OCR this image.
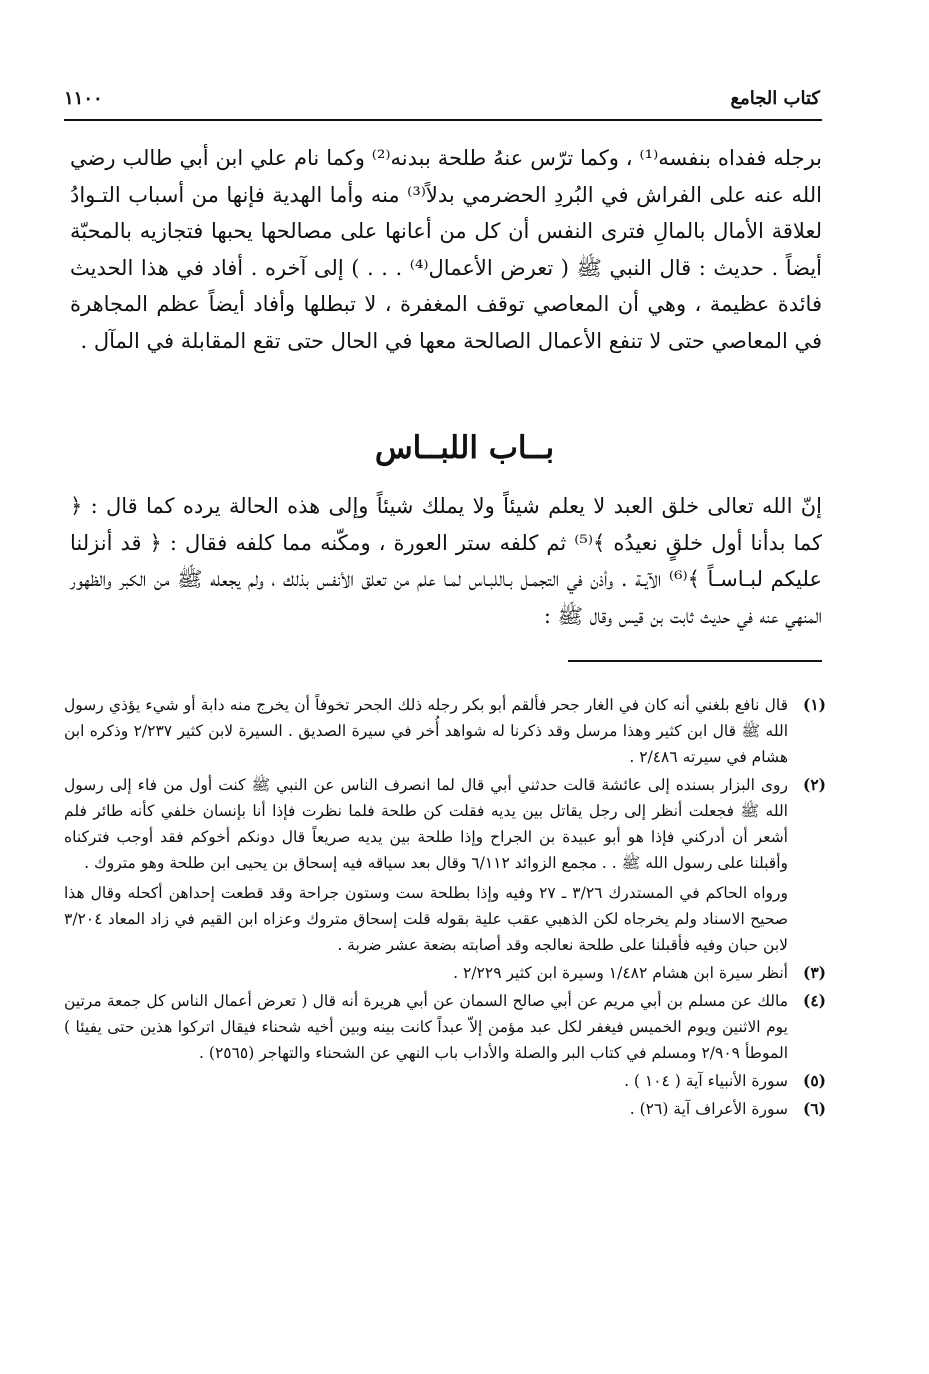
كتاب الجامع
١١٠٠

برجله ففداه بنفسه⁽¹⁾ ، وكما ترّس عنهُ طلحة ببدنه⁽²⁾ وكما نام علي ابن أبي طالب رضي الله عنه على الفراش في البُردِ الحضرمي بدلاً⁽³⁾ منه وأما الهدية فإنها من أسباب التـوادُ لعلاقة الأمال بالمالِ فترى النفس أن كل من أعانها على مصالحها يحبها فتجازيه بالمحبّة أيضاً . حديث : قال النبي ﷺ ( تعرض الأعمال⁽⁴⁾ . . . ) إلى آخره . أفاد في هذا الحديث فائدة عظيمة ، وهي أن المعاصي توقف المغفرة ، لا تبطلها وأفاد أيضاً عظم المجاهرة في المعاصي حتى لا تنفع الأعمال الصالحة معها في الحال حتى تقع المقابلة في المآل .

بــاب اللبــاس

إنّ الله تعالى خلق العبد لا يعلم شيئاً ولا يملك شيئاً وإلى هذه الحالة يرده كما قال : ﴿ كما بدأنا أول خلقٍ نعيدُه ﴾⁽⁵⁾ ثم كلفه ستر العورة ، ومكّنه مما كلفه فقال : ﴿ قد أنزلنا عليكم لبـاسـاً ﴾⁽⁶⁾ الآيـة . وأذن في التجمـل بـاللبـاس لمـا علم من تعلق الأنفس بذلك ، ولم يجعله ﷺ من الكبر والظهور المنهي عنه في حديث ثابت بن قيس وقال ﷺ :

(١)
قال نافع بلغني أنه كان في الغار جحر فألقم أبو بكر رجله ذلك الجحر تخوفاً أن يخرج منه دابة أو شيء يؤذي رسول الله ﷺ قال ابن كثير وهذا مرسل وقد ذكرنا له شواهد أُخر في سيرة الصديق . السيرة لابن كثير ٢/٢٣٧ وذكره ابن هشام في سيرته ٢/٤٨٦ .
(٢)
روى البزار بسنده إلى عائشة قالت حدثني أبي قال لما انصرف الناس عن النبي ﷺ كنت أول من فاء إلى رسول الله ﷺ فجعلت أنظر إلى رجل يقاتل بين يديه فقلت كن طلحة فلما نظرت فإذا أنا بإنسان خلفي كأنه طائر فلم أشعر أن أدركني فإذا هو أبو عبيدة بن الجراح وإذا طلحة بين يديه صريعاً قال دونكم أخوكم فقد أوجب فتركناه وأقبلنا على رسول الله ﷺ . . مجمع الزوائد ٦/١١٢ وقال بعد سياقه فيه إسحاق بن يحيى ابن طلحة وهو متروك .
ورواه الحاكم في المستدرك ٣/٢٦ ـ ٢٧ وفيه وإذا بطلحة ست وستون جراحة وقد قطعت إحداهن أكحله وقال هذا صحيح الاسناد ولم يخرجاه لكن الذهبي عقب علية بقوله قلت إسحاق متروك وعزاه ابن القيم في زاد المعاد ٣/٢٠٤ لابن حبان وفيه فأقبلنا على طلحة نعالجه وقد أصابته بضعة عشر ضربة .
(٣)
أنظر سيرة ابن هشام ١/٤٨٢ وسيرة ابن كثير ٢/٢٢٩ .
(٤)
مالك عن مسلم بن أبي مريم عن أبي صالح السمان عن أبي هريرة أنه قال ( تعرض أعمال الناس كل جمعة مرتين يوم الاثنين ويوم الخميس فيغفر لكل عبد مؤمن إلاّ عبداً كانت بينه وبين أخيه شحناء فيقال اتركوا هذين حتى يفيئا ) الموطأ ٢/٩٠٩ ومسلم في كتاب البر والصلة والأداب باب النهي عن الشحناء والتهاجر (٢٥٦٥) .
(٥)
سورة الأنبياء آية ( ١٠٤ ) .
(٦)
سورة الأعراف آية (٢٦) .
